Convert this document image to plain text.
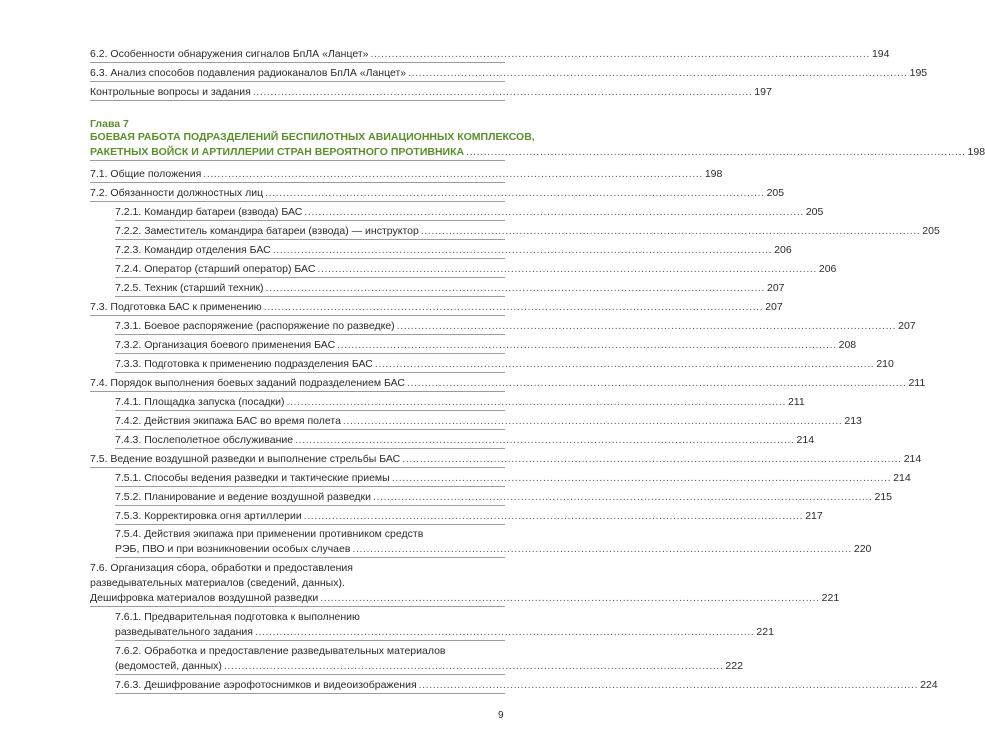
6.2. Особенности обнаружения сигналов БпЛА «Ланцет» .............................................................................................................................................. 194
6.3. Анализ способов подавления радиоканалов БпЛА «Ланцет» .............................................................................................................................................. 195
Контрольные вопросы и задания .............................................................................................................................................. 197
Глава 7
БОЕВАЯ РАБОТА ПОДРАЗДЕЛЕНИЙ БЕСПИЛОТНЫХ АВИАЦИОННЫХ КОМПЛЕКСОВ,
РАКЕТНЫХ ВОЙСК И АРТИЛЛЕРИИ СТРАН ВЕРОЯТНОГО ПРОТИВНИКА .............................................................................................................................................. 198
7.1. Общие положения .............................................................................................................................................. 198
7.2. Обязанности должностных лиц .............................................................................................................................................. 205
7.2.1. Командир батареи (взвода) БАС .............................................................................................................................................. 205
7.2.2. Заместитель командира батареи (взвода) — инструктор .............................................................................................................................................. 205
7.2.3. Командир отделения БАС .............................................................................................................................................. 206
7.2.4. Оператор (старший оператор) БАС .............................................................................................................................................. 206
7.2.5. Техник (старший техник) .............................................................................................................................................. 207
7.3. Подготовка БАС к применению .............................................................................................................................................. 207
7.3.1. Боевое распоряжение (распоряжение по разведке) .............................................................................................................................................. 207
7.3.2. Организация боевого применения БАС .............................................................................................................................................. 208
7.3.3. Подготовка к применению подразделения БАС .............................................................................................................................................. 210
7.4. Порядок выполнения боевых заданий подразделением БАС .............................................................................................................................................. 211
7.4.1. Площадка запуска (посадки) .............................................................................................................................................. 211
7.4.2. Действия экипажа БАС во время полета .............................................................................................................................................. 213
7.4.3. Послеполетное обслуживание .............................................................................................................................................. 214
7.5. Ведение воздушной разведки и выполнение стрельбы БАС .............................................................................................................................................. 214
7.5.1. Способы ведения разведки и тактические приемы .............................................................................................................................................. 214
7.5.2. Планирование и ведение воздушной разведки .............................................................................................................................................. 215
7.5.3. Корректировка огня артиллерии .............................................................................................................................................. 217
7.5.4. Действия экипажа при применении противником средств
РЭБ, ПВО и при возникновении особых случаев .............................................................................................................................................. 220
7.6. Организация сбора, обработки и предоставления
разведывательных материалов (сведений, данных).
Дешифровка материалов воздушной разведки .............................................................................................................................................. 221
7.6.1. Предварительная подготовка к выполнению
разведывательного задания .............................................................................................................................................. 221
7.6.2. Обработка и предоставление разведывательных материалов
(ведомостей, данных) .............................................................................................................................................. 222
7.6.3. Дешифрование аэрофотоснимков и видеоизображения .............................................................................................................................................. 224
9
